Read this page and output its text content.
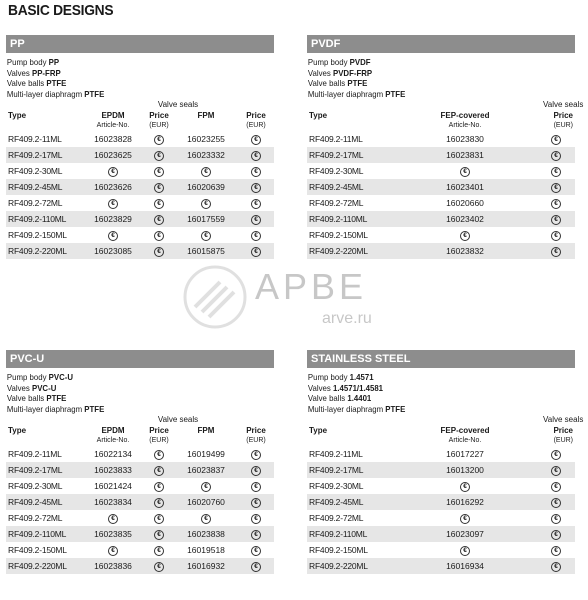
BASIC DESIGNS
АРВЕ
arve.ru
PP
Pump body PP
Valves PP-FRP
Valve balls PTFE
Multi-layer diaphragm PTFE
	Valve seals			
Type	EPDM	Price	FPM	Price
	Article-No.	(EUR)		(EUR)
RF409.2-11ML	16023828	€	16023255	€
RF409.2-17ML	16023625	€	16023332	€
RF409.2-30ML	€	€	€	€
RF409.2-45ML	16023626	€	16020639	€
RF409.2-72ML	€	€	€	€
RF409.2-110ML	16023829	€	16017559	€
RF409.2-150ML	€	€	€	€
RF409.2-220ML	16023085	€	16015875	€
PVDF
Pump body PVDF
Valves PVDF-FRP
Valve balls PTFE
Multi-layer diaphragm PTFE
	Valve seals	
Type	FEP-covered	Price
	Article-No.	(EUR)
RF409.2-11ML	16023830	€
RF409.2-17ML	16023831	€
RF409.2-30ML	€	€
RF409.2-45ML	16023401	€
RF409.2-72ML	16020660	€
RF409.2-110ML	16023402	€
RF409.2-150ML	€	€
RF409.2-220ML	16023832	€
PVC-U
Pump body PVC-U
Valves PVC-U
Valve balls PTFE
Multi-layer diaphragm PTFE
	Valve seals			
Type	EPDM	Price	FPM	Price
	Article-No.	(EUR)		(EUR)
RF409.2-11ML	16022134	€	16019499	€
RF409.2-17ML	16023833	€	16023837	€
RF409.2-30ML	16021424	€	€	€
RF409.2-45ML	16023834	€	16020760	€
RF409.2-72ML	€	€	€	€
RF409.2-110ML	16023835	€	16023838	€
RF409.2-150ML	€	€	16019518	€
RF409.2-220ML	16023836	€	16016932	€
STAINLESS STEEL
Pump body 1.4571
Valves 1.4571/1.4581
Valve balls 1.4401
Multi-layer diaphragm PTFE
	Valve seals	
Type	FEP-covered	Price
	Article-No.	(EUR)
RF409.2-11ML	16017227	€
RF409.2-17ML	16013200	€
RF409.2-30ML	€	€
RF409.2-45ML	16016292	€
RF409.2-72ML	€	€
RF409.2-110ML	16023097	€
RF409.2-150ML	€	€
RF409.2-220ML	16016934	€
